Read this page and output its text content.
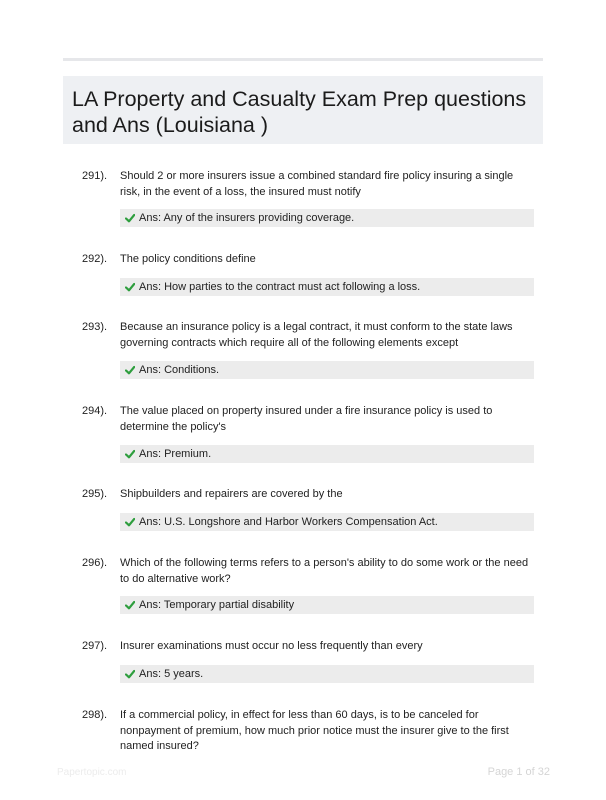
LA Property and Casualty Exam Prep questions and Ans (Louisiana )
291). Should 2 or more insurers issue a combined standard fire policy insuring a single risk, in the event of a loss, the insured must notify
Ans: Any of the insurers providing coverage.
292). The policy conditions define
Ans: How parties to the contract must act following a loss.
293). Because an insurance policy is a legal contract, it must conform to the state laws governing contracts which require all of the following elements except
Ans: Conditions.
294). The value placed on property insured under a fire insurance policy is used to determine the policy's
Ans: Premium.
295). Shipbuilders and repairers are covered by the
Ans: U.S. Longshore and Harbor Workers Compensation Act.
296). Which of the following terms refers to a person's ability to do some work or the need to do alternative work?
Ans: Temporary partial disability
297). Insurer examinations must occur no less frequently than every
Ans: 5 years.
298). If a commercial policy, in effect for less than 60 days, is to be canceled for nonpayment of premium, how much prior notice must the insurer give to the first named insured?
Papertopic.com	Page 1 of 32
